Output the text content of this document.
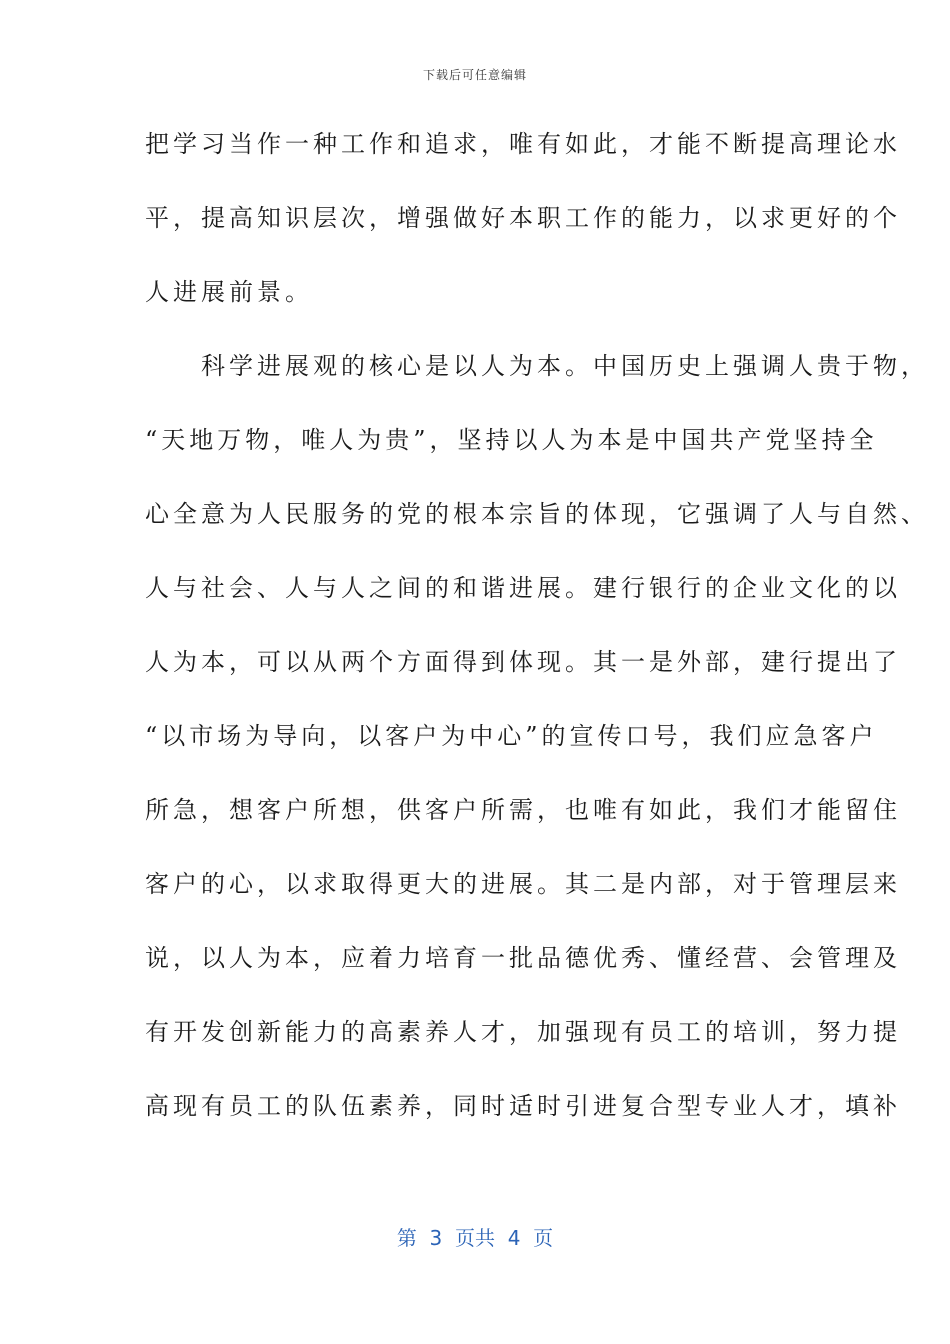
下载后可任意编辑
把学习当作一种工作和追求，唯有如此，才能不断提高理论水
平，提高知识层次，增强做好本职工作的能力，以求更好的个
人进展前景。
　　科学进展观的核心是以人为本。中国历史上强调人贵于物，
“天地万物，唯人为贵”，坚持以人为本是中国共产党坚持全
心全意为人民服务的党的根本宗旨的体现，它强调了人与自然、
人与社会、人与人之间的和谐进展。建行银行的企业文化的以
人为本，可以从两个方面得到体现。其一是外部，建行提出了
“以市场为导向，以客户为中心”的宣传口号，我们应急客户
所急，想客户所想，供客户所需，也唯有如此，我们才能留住
客户的心，以求取得更大的进展。其二是内部，对于管理层来
说，以人为本，应着力培育一批品德优秀、懂经营、会管理及
有开发创新能力的高素养人才，加强现有员工的培训，努力提
高现有员工的队伍素养，同时适时引进复合型专业人才，填补
第  3  页共  4  页
